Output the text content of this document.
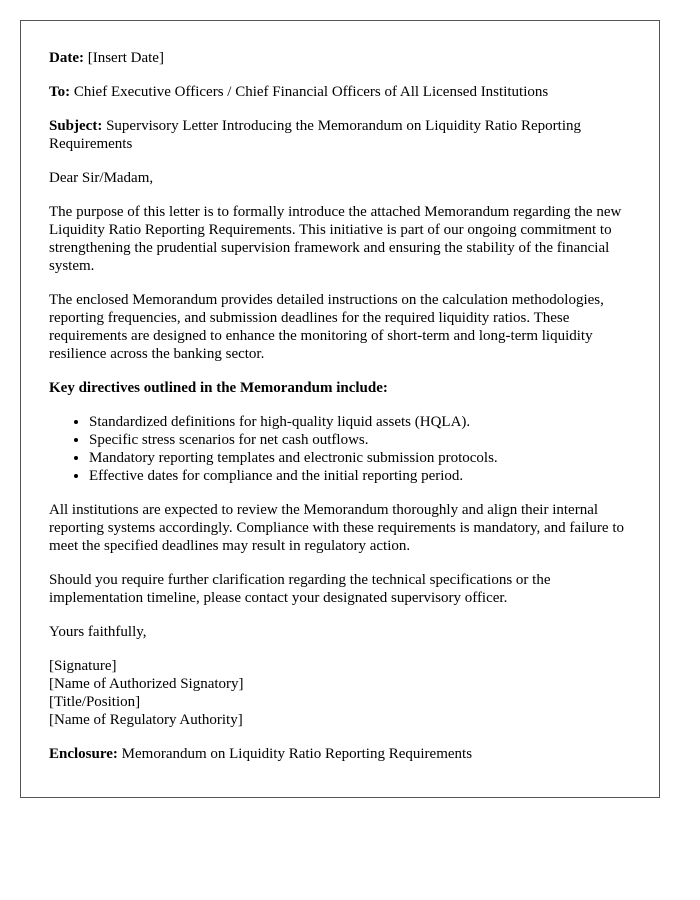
Date: [Insert Date]

To: Chief Executive Officers / Chief Financial Officers of All Licensed Institutions

Subject: Supervisory Letter Introducing the Memorandum on Liquidity Ratio Reporting Requirements

Dear Sir/Madam,

The purpose of this letter is to formally introduce the attached Memorandum regarding the new Liquidity Ratio Reporting Requirements. This initiative is part of our ongoing commitment to strengthening the prudential supervision framework and ensuring the stability of the financial system.

The enclosed Memorandum provides detailed instructions on the calculation methodologies, reporting frequencies, and submission deadlines for the required liquidity ratios. These requirements are designed to enhance the monitoring of short-term and long-term liquidity resilience across the banking sector.

Key directives outlined in the Memorandum include:

• Standardized definitions for high-quality liquid assets (HQLA).
• Specific stress scenarios for net cash outflows.
• Mandatory reporting templates and electronic submission protocols.
• Effective dates for compliance and the initial reporting period.

All institutions are expected to review the Memorandum thoroughly and align their internal reporting systems accordingly. Compliance with these requirements is mandatory, and failure to meet the specified deadlines may result in regulatory action.

Should you require further clarification regarding the technical specifications or the implementation timeline, please contact your designated supervisory officer.

Yours faithfully,

[Signature]
[Name of Authorized Signatory]
[Title/Position]
[Name of Regulatory Authority]

Enclosure: Memorandum on Liquidity Ratio Reporting Requirements
